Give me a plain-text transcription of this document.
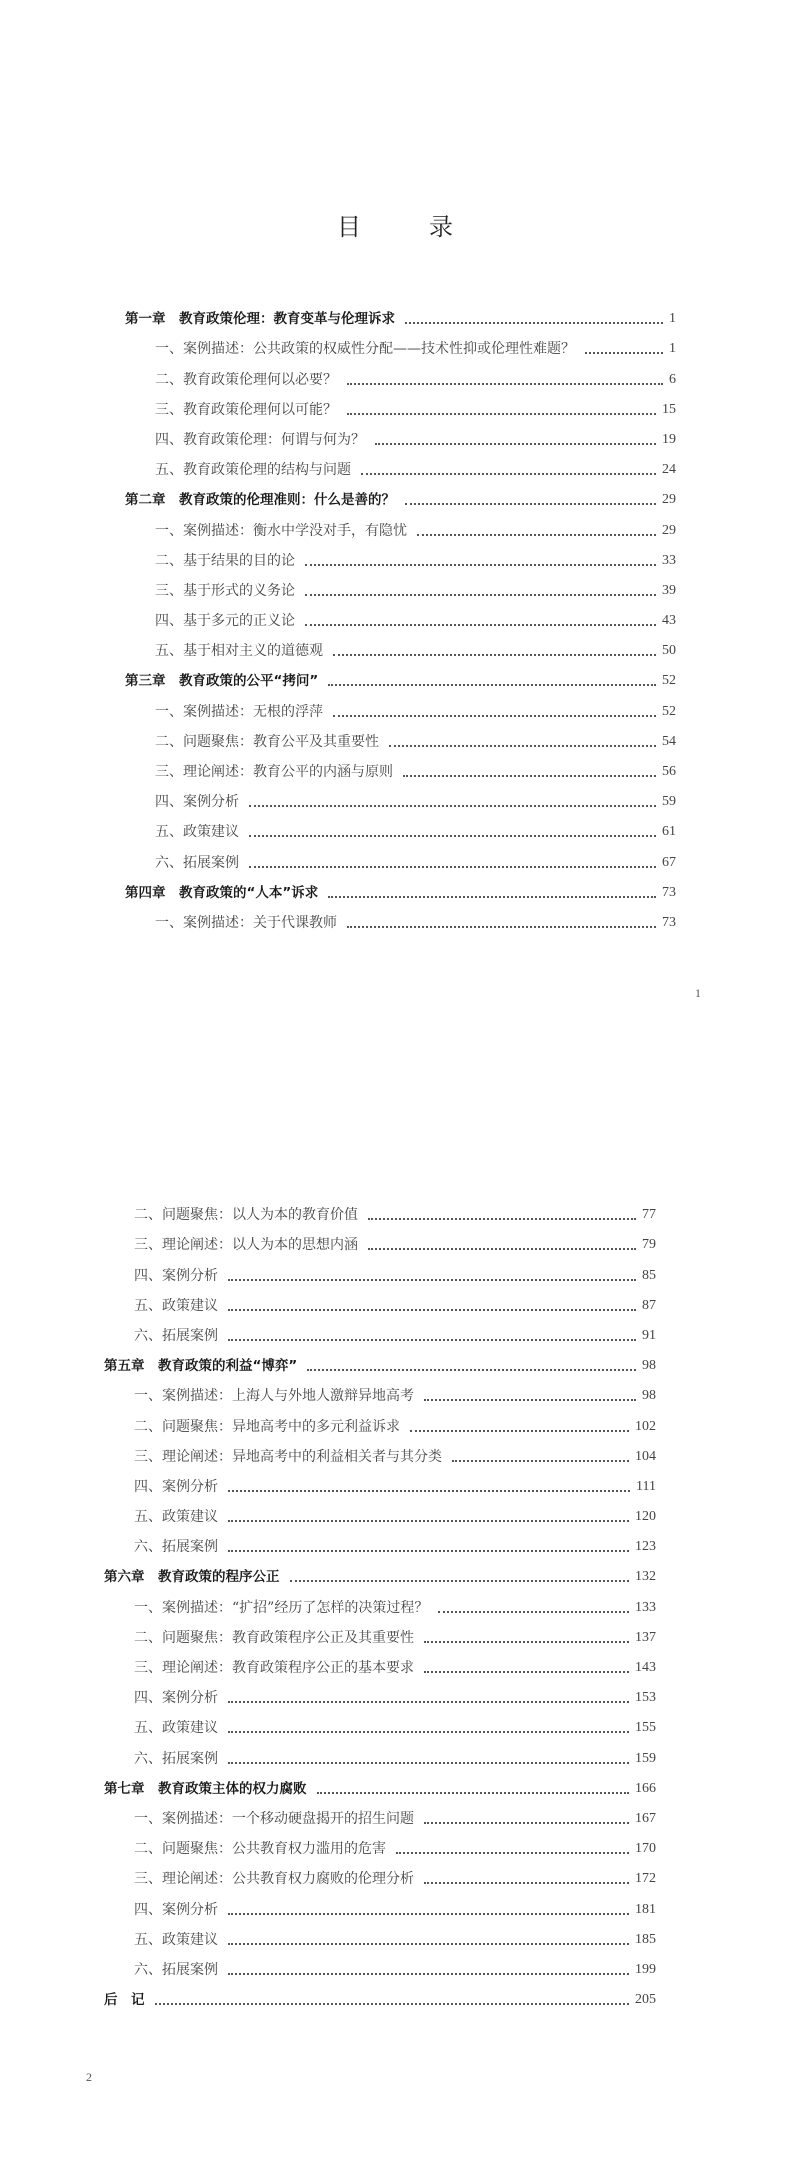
目　录
第一章　教育政策伦理：教育变革与伦理诉求	1
一、案例描述：公共政策的权威性分配——技术性抑或伦理性难题？	1
二、教育政策伦理何以必要？	6
三、教育政策伦理何以可能？	15
四、教育政策伦理：何谓与何为？	19
五、教育政策伦理的结构与问题	24
第二章　教育政策的伦理准则：什么是善的？	29
一、案例描述：衡水中学没对手，有隐忧	29
二、基于结果的目的论	33
三、基于形式的义务论	39
四、基于多元的正义论	43
五、基于相对主义的道德观	50
第三章　教育政策的公平“拷问”	52
一、案例描述：无根的浮萍	52
二、问题聚焦：教育公平及其重要性	54
三、理论阐述：教育公平的内涵与原则	56
四、案例分析	59
五、政策建议	61
六、拓展案例	67
第四章　教育政策的“人本”诉求	73
一、案例描述：关于代课教师	73
1
二、问题聚焦：以人为本的教育价值	77
三、理论阐述：以人为本的思想内涵	79
四、案例分析	85
五、政策建议	87
六、拓展案例	91
第五章　教育政策的利益“博弈”	98
一、案例描述：上海人与外地人激辩异地高考	98
二、问题聚焦：异地高考中的多元利益诉求	102
三、理论阐述：异地高考中的利益相关者与其分类	104
四、案例分析	111
五、政策建议	120
六、拓展案例	123
第六章　教育政策的程序公正	132
一、案例描述：“扩招”经历了怎样的决策过程？	133
二、问题聚焦：教育政策程序公正及其重要性	137
三、理论阐述：教育政策程序公正的基本要求	143
四、案例分析	153
五、政策建议	155
六、拓展案例	159
第七章　教育政策主体的权力腐败	166
一、案例描述：一个移动硬盘揭开的招生问题	167
二、问题聚焦：公共教育权力滥用的危害	170
三、理论阐述：公共教育权力腐败的伦理分析	172
四、案例分析	181
五、政策建议	185
六、拓展案例	199
后　记	205
2
